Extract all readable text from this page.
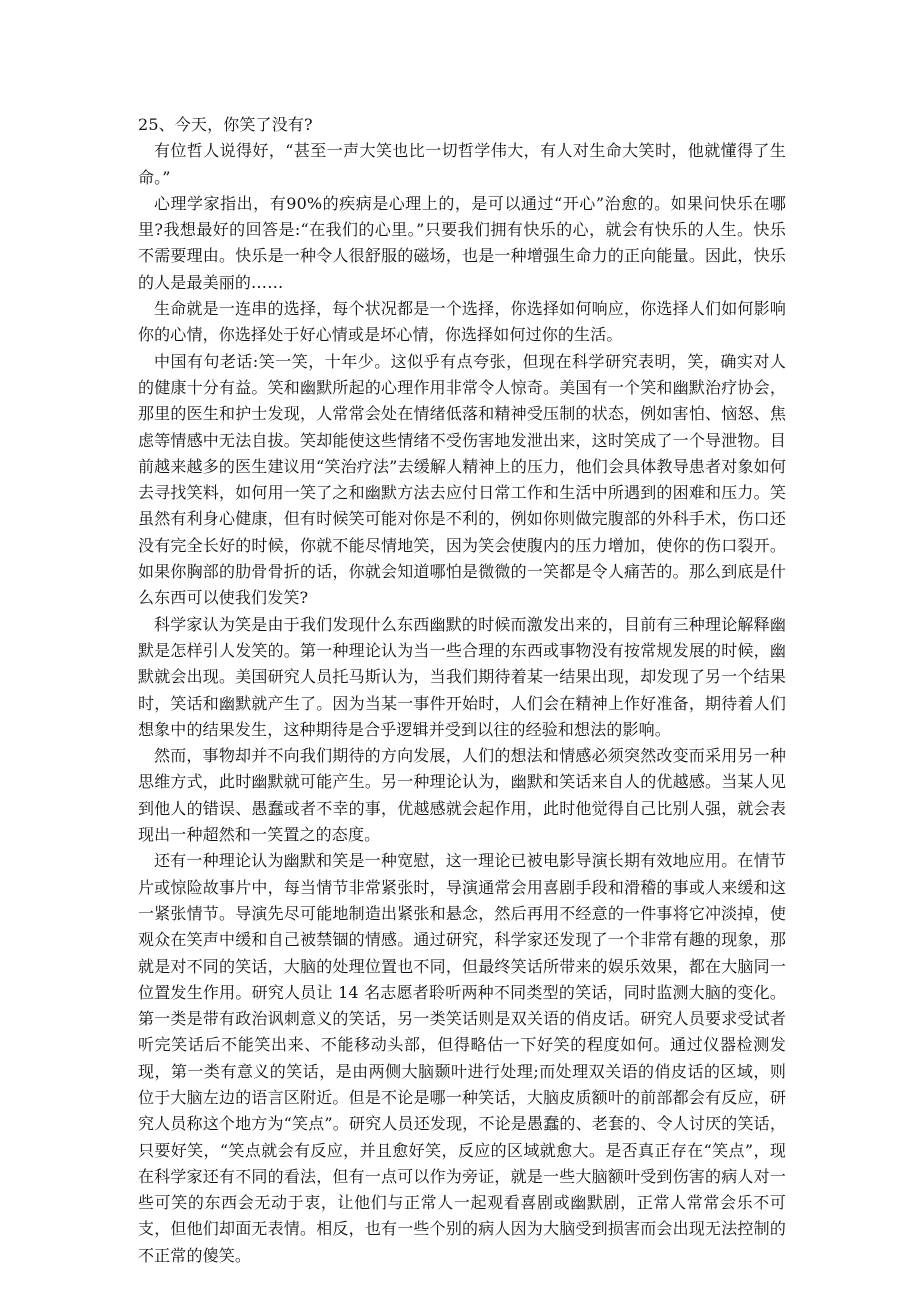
25、今天，你笑了没有?

有位哲人说得好，“甚至一声大笑也比一切哲学伟大，有人对生命大笑时，他就懂得了生命。”

心理学家指出，有90%的疾病是心理上的，是可以通过“开心”治愈的。如果问快乐在哪里?我想最好的回答是:“在我们的心里。”只要我们拥有快乐的心，就会有快乐的人生。快乐不需要理由。快乐是一种令人很舒服的磁场，也是一种增强生命力的正向能量。因此，快乐的人是最美丽的……

生命就是一连串的选择，每个状况都是一个选择，你选择如何响应，你选择人们如何影响你的心情，你选择处于好心情或是坏心情，你选择如何过你的生活。

中国有句老话:笑一笑，十年少。这似乎有点夸张，但现在科学研究表明，笑，确实对人的健康十分有益。笑和幽默所起的心理作用非常令人惊奇。美国有一个笑和幽默治疗协会，那里的医生和护士发现，人常常会处在情绪低落和精神受压制的状态，例如害怕、恼怒、焦虑等情感中无法自拔。笑却能使这些情绪不受伤害地发泄出来，这时笑成了一个导泄物。目前越来越多的医生建议用“笑治疗法”去缓解人精神上的压力，他们会具体教导患者对象如何去寻找笑料，如何用一笑了之和幽默方法去应付日常工作和生活中所遇到的困难和压力。笑虽然有利身心健康，但有时候笑可能对你是不利的，例如你则做完腹部的外科手术，伤口还没有完全长好的时候，你就不能尽情地笑，因为笑会使腹内的压力增加，使你的伤口裂开。如果你胸部的肋骨骨折的话，你就会知道哪怕是微微的一笑都是令人痛苦的。那么到底是什么东西可以使我们发笑?

科学家认为笑是由于我们发现什么东西幽默的时候而激发出来的，目前有三种理论解释幽默是怎样引人发笑的。第一种理论认为当一些合理的东西或事物没有按常规发展的时候，幽默就会出现。美国研究人员托马斯认为，当我们期待着某一结果出现，却发现了另一个结果时，笑话和幽默就产生了。因为当某一事件开始时，人们会在精神上作好准备，期待着人们想象中的结果发生，这种期待是合乎逻辑并受到以往的经验和想法的影响。

然而，事物却并不向我们期待的方向发展，人们的想法和情感必须突然改变而采用另一种思维方式，此时幽默就可能产生。另一种理论认为，幽默和笑话来自人的优越感。当某人见到他人的错误、愚蠢或者不幸的事，优越感就会起作用，此时他觉得自己比别人强，就会表现出一种超然和一笑置之的态度。

还有一种理论认为幽默和笑是一种宽慰，这一理论已被电影导演长期有效地应用。在情节片或惊险故事片中，每当情节非常紧张时，导演通常会用喜剧手段和滑稽的事或人来缓和这一紧张情节。导演先尽可能地制造出紧张和悬念，然后再用不经意的一件事将它冲淡掉，使观众在笑声中缓和自己被禁锢的情感。通过研究，科学家还发现了一个非常有趣的现象，那就是对不同的笑话，大脑的处理位置也不同，但最终笑话所带来的娱乐效果，都在大脑同一位置发生作用。研究人员让 14 名志愿者聆听两种不同类型的笑话，同时监测大脑的变化。第一类是带有政治讽刺意义的笑话，另一类笑话则是双关语的俏皮话。研究人员要求受试者听完笑话后不能笑出来、不能移动头部，但得略估一下好笑的程度如何。通过仪器检测发现，第一类有意义的笑话，是由两侧大脑颞叶进行处理;而处理双关语的俏皮话的区域，则位于大脑左边的语言区附近。但是不论是哪一种笑话，大脑皮质额叶的前部都会有反应，研究人员称这个地方为“笑点”。研究人员还发现，不论是愚蠢的、老套的、令人讨厌的笑话，只要好笑，“笑点就会有反应，并且愈好笑，反应的区域就愈大。是否真正存在“笑点”，现在科学家还有不同的看法，但有一点可以作为旁证，就是一些大脑额叶受到伤害的病人对一些可笑的东西会无动于衷，让他们与正常人一起观看喜剧或幽默剧，正常人常常会乐不可支，但他们却面无表情。相反，也有一些个别的病人因为大脑受到损害而会出现无法控制的不正常的傻笑。
